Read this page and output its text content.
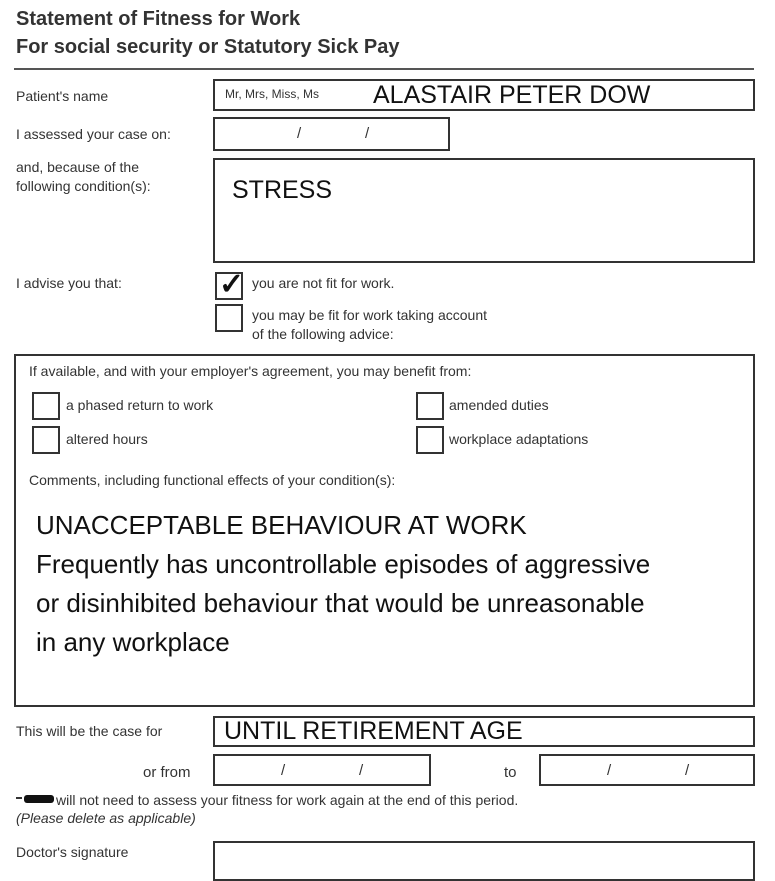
Statement of Fitness for Work
For social security or Statutory Sick Pay
Patient's name	Mr, Mrs, Miss, Ms ALASTAIR PETER DOW
I assessed your case on:	/	/
and, because of the
following condition(s):	STRESS
I advise you that:	✓ you are not fit for work.
you may be fit for work taking account
of the following advice:
If available, and with your employer's agreement, you may benefit from:
a phased return to work	amended duties
altered hours	workplace adaptations
Comments, including functional effects of your condition(s):
UNACCEPTABLE BEHAVIOUR AT WORK
Frequently has uncontrollable episodes of aggressive
or disinhibited behaviour that would be unreasonable
in any workplace
This will be the case for UNTIL RETIREMENT AGE
or from	/	/	to	/	/
will not need to assess your fitness for work again at the end of this period.
(Please delete as applicable)
Doctor's signature
